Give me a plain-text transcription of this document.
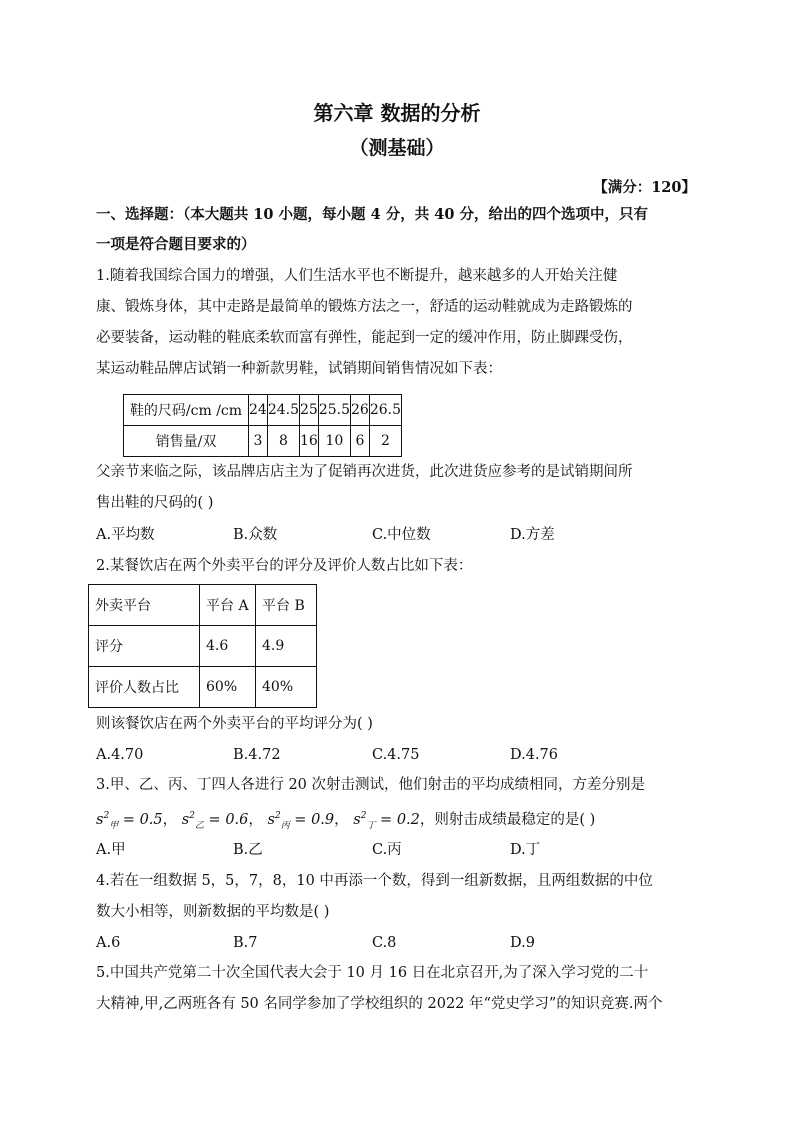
第六章 数据的分析
（测基础）
【满分：120】
一、选择题：（本大题共 10 小题，每小题 4 分，共 40 分，给出的四个选项中，只有
一项是符合题目要求的）
1.随着我国综合国力的增强，人们生活水平也不断提升，越来越多的人开始关注健
康、锻炼身体，其中走路是最简单的锻炼方法之一，舒适的运动鞋就成为走路锻炼的
必要装备，运动鞋的鞋底柔软而富有弹性，能起到一定的缓冲作用，防止脚踝受伤，
某运动鞋品牌店试销一种新款男鞋，试销期间销售情况如下表：
鞋的尺码/cm /cm	24	24.5	25	25.5	26	26.5
销售量/双	3	8	16	10	6	2
父亲节来临之际，该品牌店店主为了促销再次进货，此次进货应参考的是试销期间所
售出鞋的尺码的( )
A.平均数	B.众数	C.中位数	D.方差
2.某餐饮店在两个外卖平台的评分及评价人数占比如下表：
外卖平台	平台 A	平台 B
评分	4.6	4.9
评价人数占比	60%	40%
则该餐饮店在两个外卖平台的平均评分为( )
A.4.70	B.4.72	C.4.75	D.4.76
3.甲、乙、丙、丁四人各进行 20 次射击测试，他们射击的平均成绩相同，方差分别是
$s^2_甲 = 0.5$， $s^2_乙 = 0.6$， $s^2_丙 = 0.9$， $s^2_丁 = 0.2$，则射击成绩最稳定的是( )
A.甲	B.乙	C.丙	D.丁
4.若在一组数据 5，5，7，8，10 中再添一个数，得到一组新数据，且两组数据的中位
数大小相等，则新数据的平均数是( )
A.6	B.7	C.8	D.9
5.中国共产党第二十次全国代表大会于 10 月 16 日在北京召开,为了深入学习党的二十
大精神,甲,乙两班各有 50 名同学参加了学校组织的 2022 年“党史学习”的知识竞赛.两个
